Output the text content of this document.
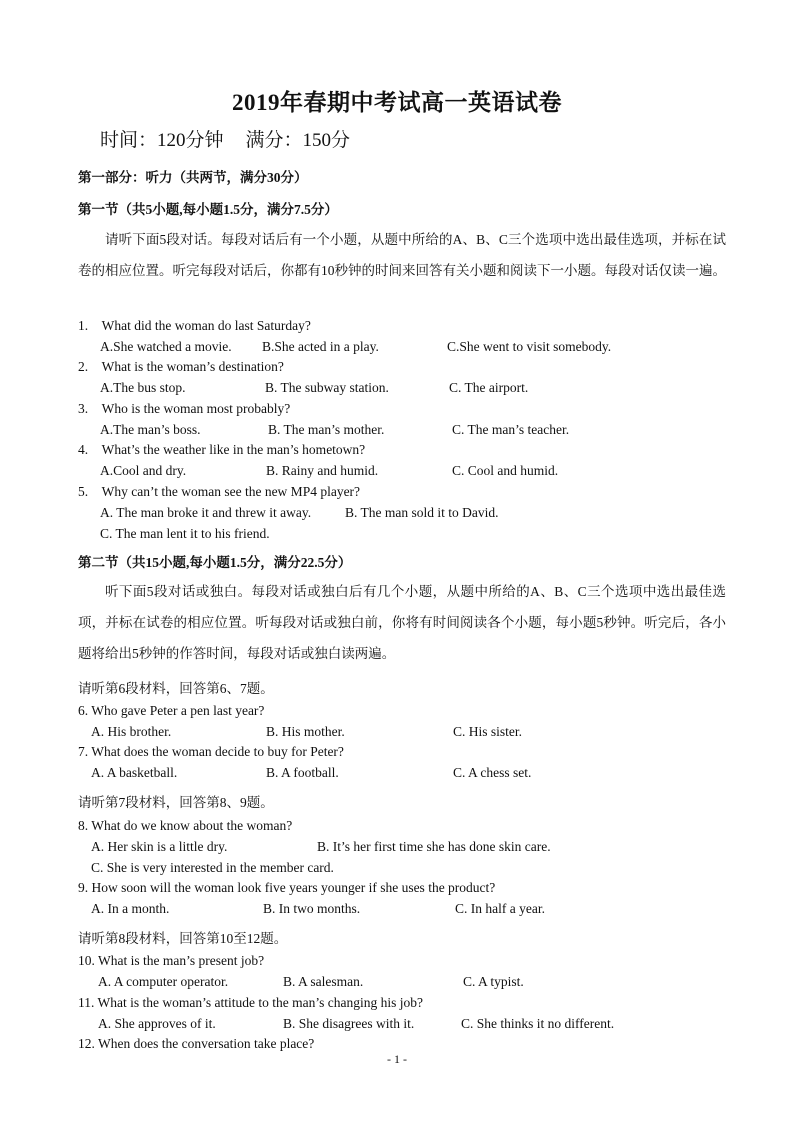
2019年春期中考试高一英语试卷
时间：120分钟 满分：150分
第一部分：听力（共两节，满分30分）
第一节（共5小题,每小题1.5分，满分7.5分）
请听下面5段对话。每段对话后有一个小题，从题中所给的A、B、C三个选项中选出最佳选项，并标在试卷的相应位置。听完每段对话后，你都有10秒钟的时间来回答有关小题和阅读下一小题。每段对话仅读一遍。
1. What did the woman do last Saturday?
A.She watched a movie. B.She acted in a play.	C.She went to visit somebody.
2. What is the woman’s destination?
A.The bus stop.	B. The subway station.	C. The airport.
3. Who is the woman most probably?
A.The man’s boss.	B. The man’s mother.	C. The man’s teacher.
4. What’s the weather like in the man’s hometown?
A.Cool and dry.	B. Rainy and humid.	C. Cool and humid.
5. Why can’t the woman see the new MP4 player?
A. The man broke it and threw it away.	B. The man sold it to David.
C. The man lent it to his friend.
第二节（共15小题,每小题1.5分，满分22.5分）
听下面5段对话或独白。每段对话或独白后有几个小题，从题中所给的A、B、C三个选项中选出最佳选项，并标在试卷的相应位置。听每段对话或独白前，你将有时间阅读各个小题，每小题5秒钟。听完后，各小题将给出5秒钟的作答时间，每段对话或独白读两遍。
请听第6段材料，回答第6、7题。
6. Who gave Peter a pen last year?
A. His brother.	B. His mother.	C. His sister.
7. What does the woman decide to buy for Peter?
A. A basketball.	B. A football.	C. A chess set.
请听第7段材料，回答第8、9题。
8. What do we know about the woman?
A. Her skin is a little dry.	B. It’s her first time she has done skin care.
C. She is very interested in the member card.
9. How soon will the woman look five years younger if she uses the product?
A. In a month.	B. In two months.	C. In half a year.
请听第8段材料，回答第10至12题。
10. What is the man’s present job?
A. A computer operator.	B. A salesman.	C. A typist.
11. What is the woman’s attitude to the man’s changing his job?
A. She approves of it.	B. She disagrees with it.	C. She thinks it no different.
12. When does the conversation take place?
- 1 -
